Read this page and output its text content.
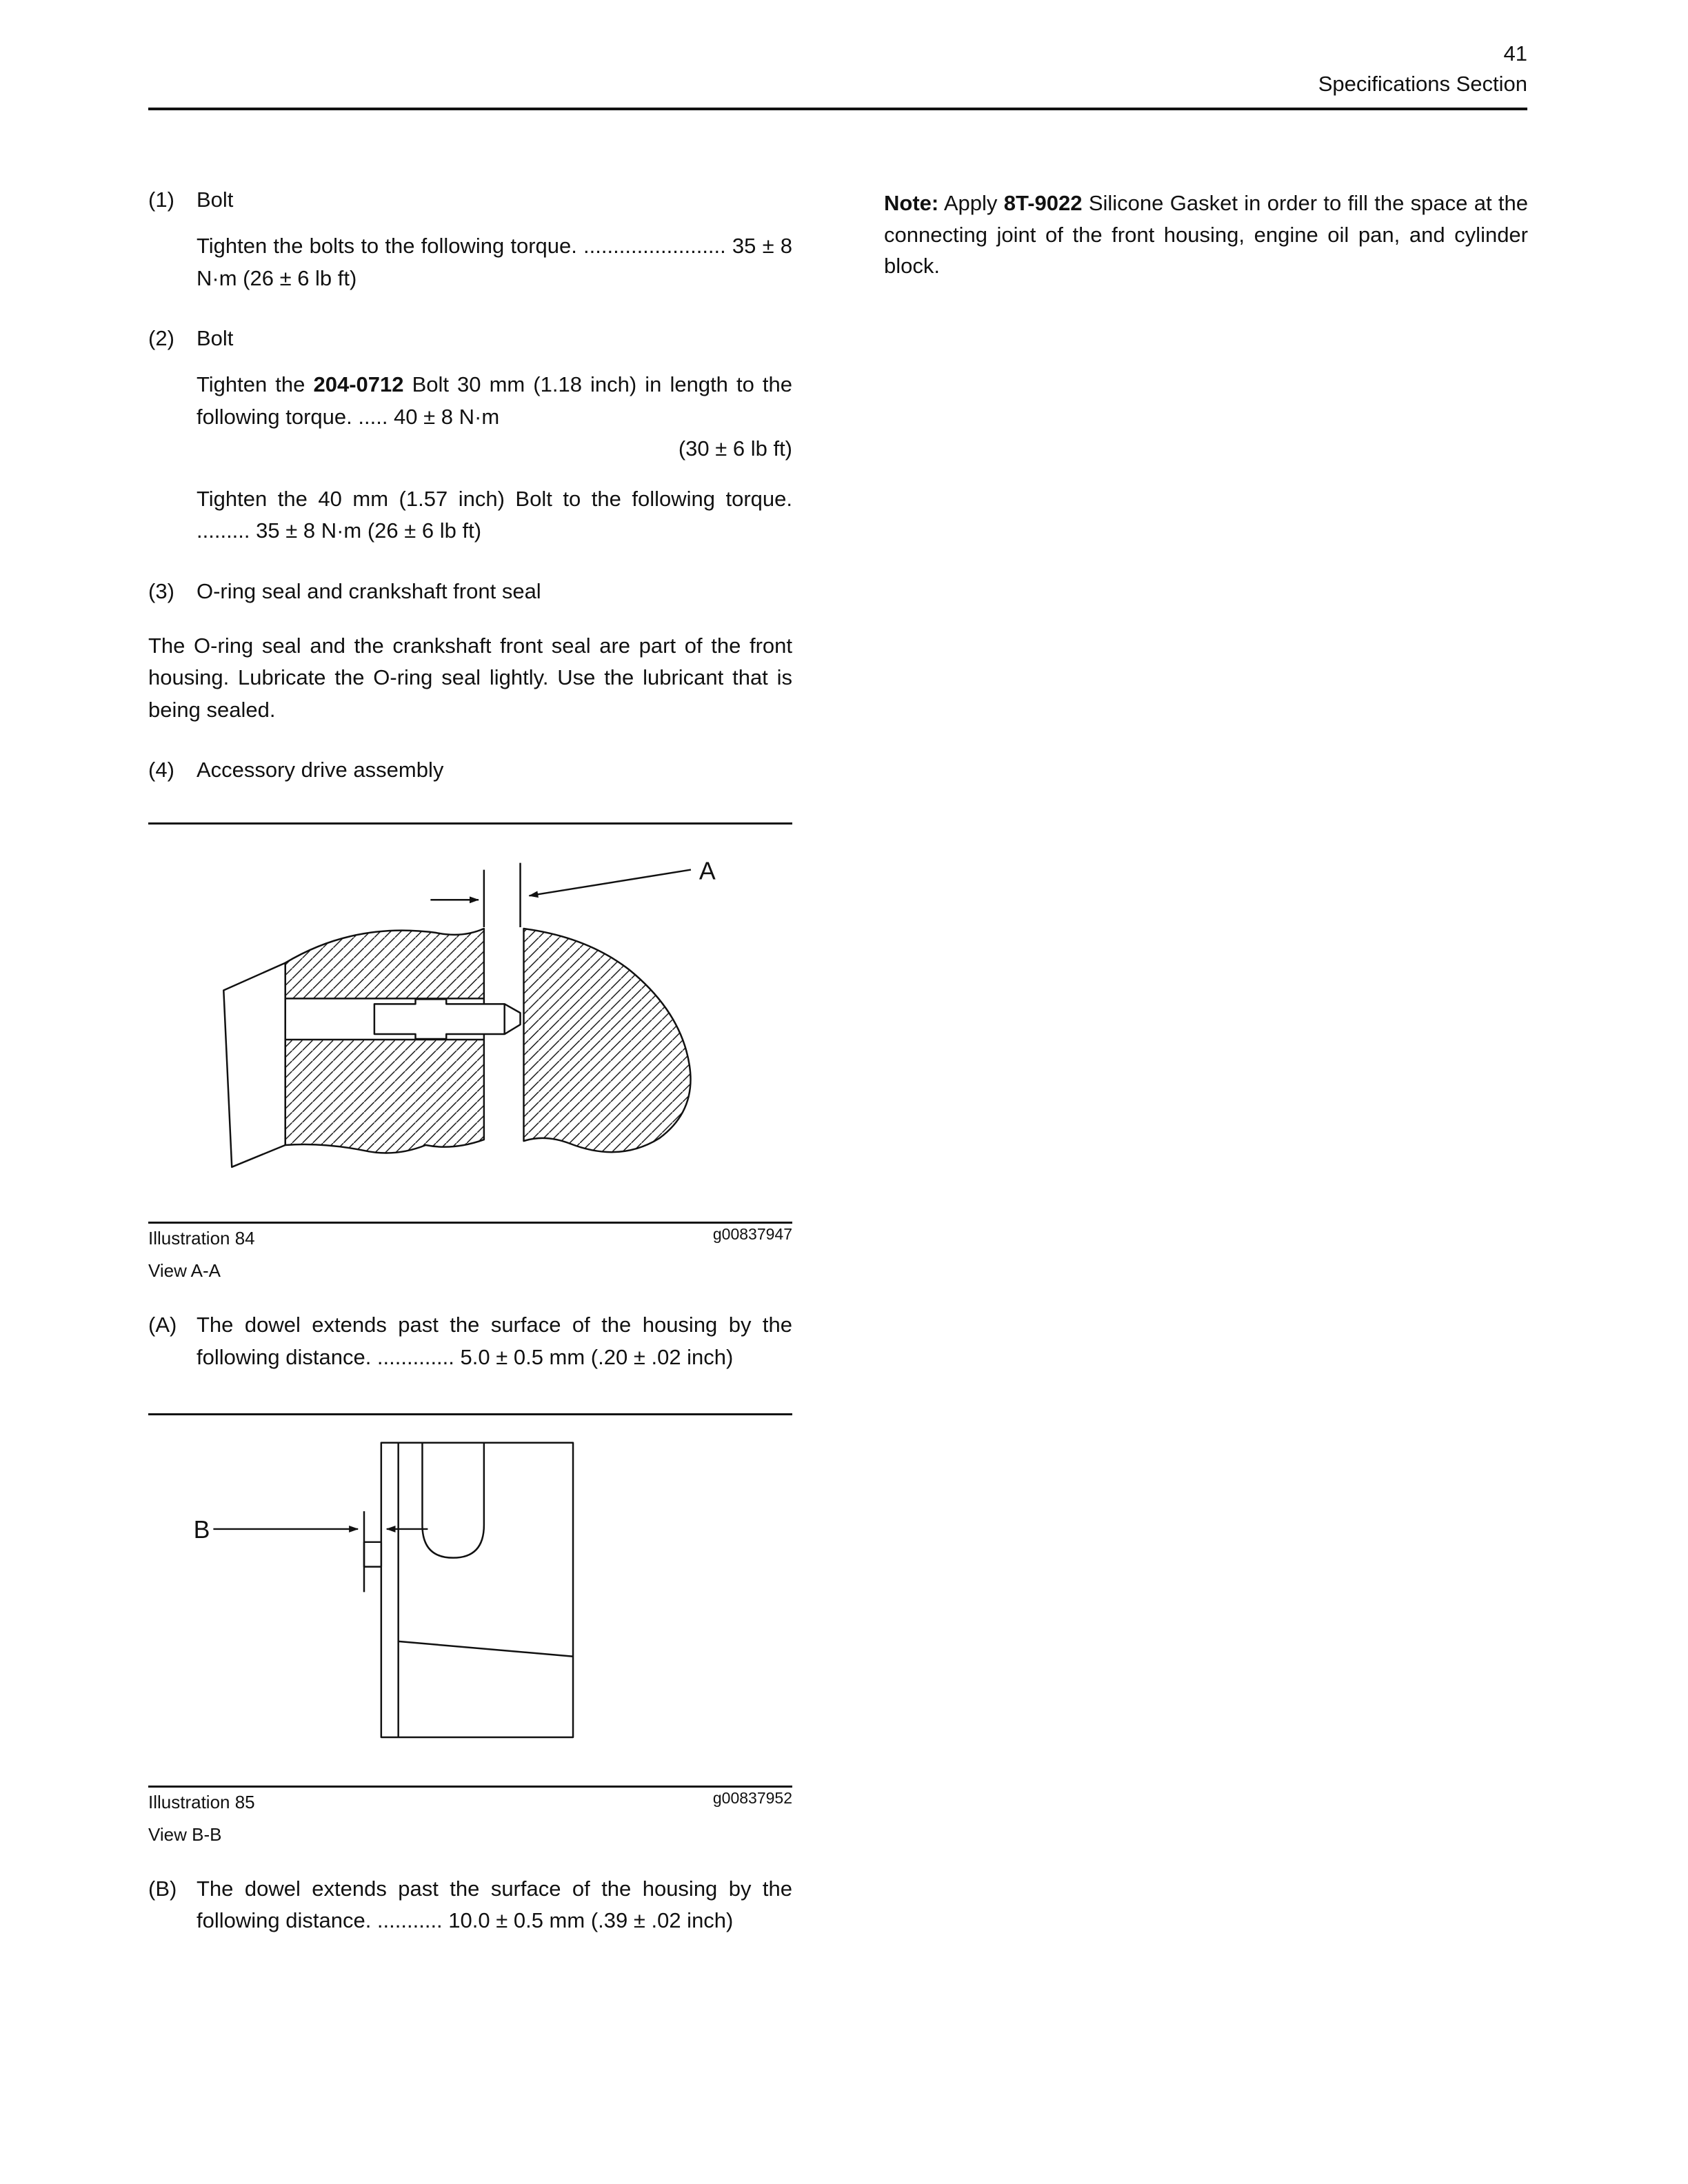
41
Specifications Section
(1)	Bolt

Tighten the bolts to the following torque. ........................ 35 ± 8 N·m (26 ± 6 lb ft)

(2)	Bolt

Tighten the 204-0712 Bolt 30 mm (1.18 inch) in length to the following torque. ..... 40 ± 8 N·m

(30 ± 6 lb ft)

Tighten the 40 mm (1.57 inch) Bolt to the following torque. ......... 35 ± 8 N·m (26 ± 6 lb ft)

(3)	O-ring seal and crankshaft front seal

The O-ring seal and the crankshaft front seal are part of the front housing. Lubricate the O-ring seal lightly. Use the lubricant that is being sealed.

(4)	Accessory drive assembly
A
Illustration 84	g00837947
View A-A

(A) The dowel extends past the surface of the housing by the following distance. ............. 5.0 ± 0.5 mm (.20 ± .02 inch)

B
Illustration 85	g00837952
View B-B

(B) The dowel extends past the surface of the housing by the following distance. ........... 10.0 ± 0.5 mm (.39 ± .02 inch)

Note: Apply 8T-9022 Silicone Gasket in order to fill the space at the connecting joint of the front housing, engine oil pan, and cylinder block.
